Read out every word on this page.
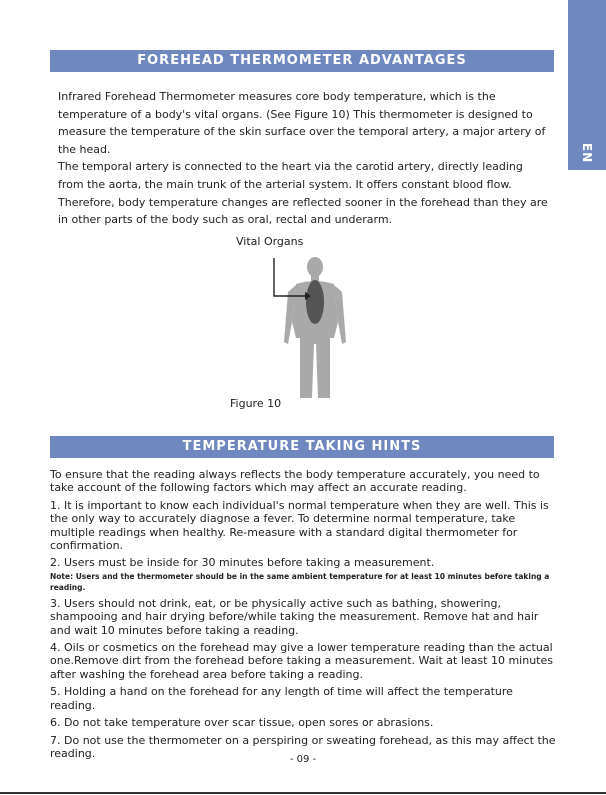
EN
FOREHEAD THERMOMETER ADVANTAGES

Infrared Forehead Thermometer measures core body temperature, which is the temperature of a body's vital organs. (See Figure 10) This thermometer is designed to measure the temperature of the skin surface over the temporal artery, a major artery of the head.

The temporal artery is connected to the heart via the carotid artery, directly leading from the aorta, the main trunk of the arterial system. It offers constant blood flow. Therefore, body temperature changes are reflected sooner in the forehead than they are in other parts of the body such as oral, rectal and underarm.

Vital Organs
Figure 10
TEMPERATURE TAKING HINTS

To ensure that the reading always reflects the body temperature accurately, you need to take account of the following factors which may affect an accurate reading.

1. It is important to know each individual's normal temperature when they are well. This is the only way to accurately diagnose a fever. To determine normal temperature, take multiple readings when healthy. Re-measure with a standard digital thermometer for confirmation.

2. Users must be inside for 30 minutes before taking a measurement.

Note: Users and the thermometer should be in the same ambient temperature for at least 10 minutes before taking a reading.

3. Users should not drink, eat, or be physically active such as bathing, showering, shampooing and hair drying before/while taking the measurement. Remove hat and hair and wait 10 minutes before taking a reading.

4. Oils or cosmetics on the forehead may give a lower temperature reading than the actual one.Remove dirt from the forehead before taking a measurement. Wait at least 10 minutes after washing the forehead area before taking a reading.

5. Holding a hand on the forehead for any length of time will affect the temperature reading.

6. Do not take temperature over scar tissue, open sores or abrasions.

7. Do not use the thermometer on a perspiring or sweating forehead, as this may affect the reading.	- 09 -
